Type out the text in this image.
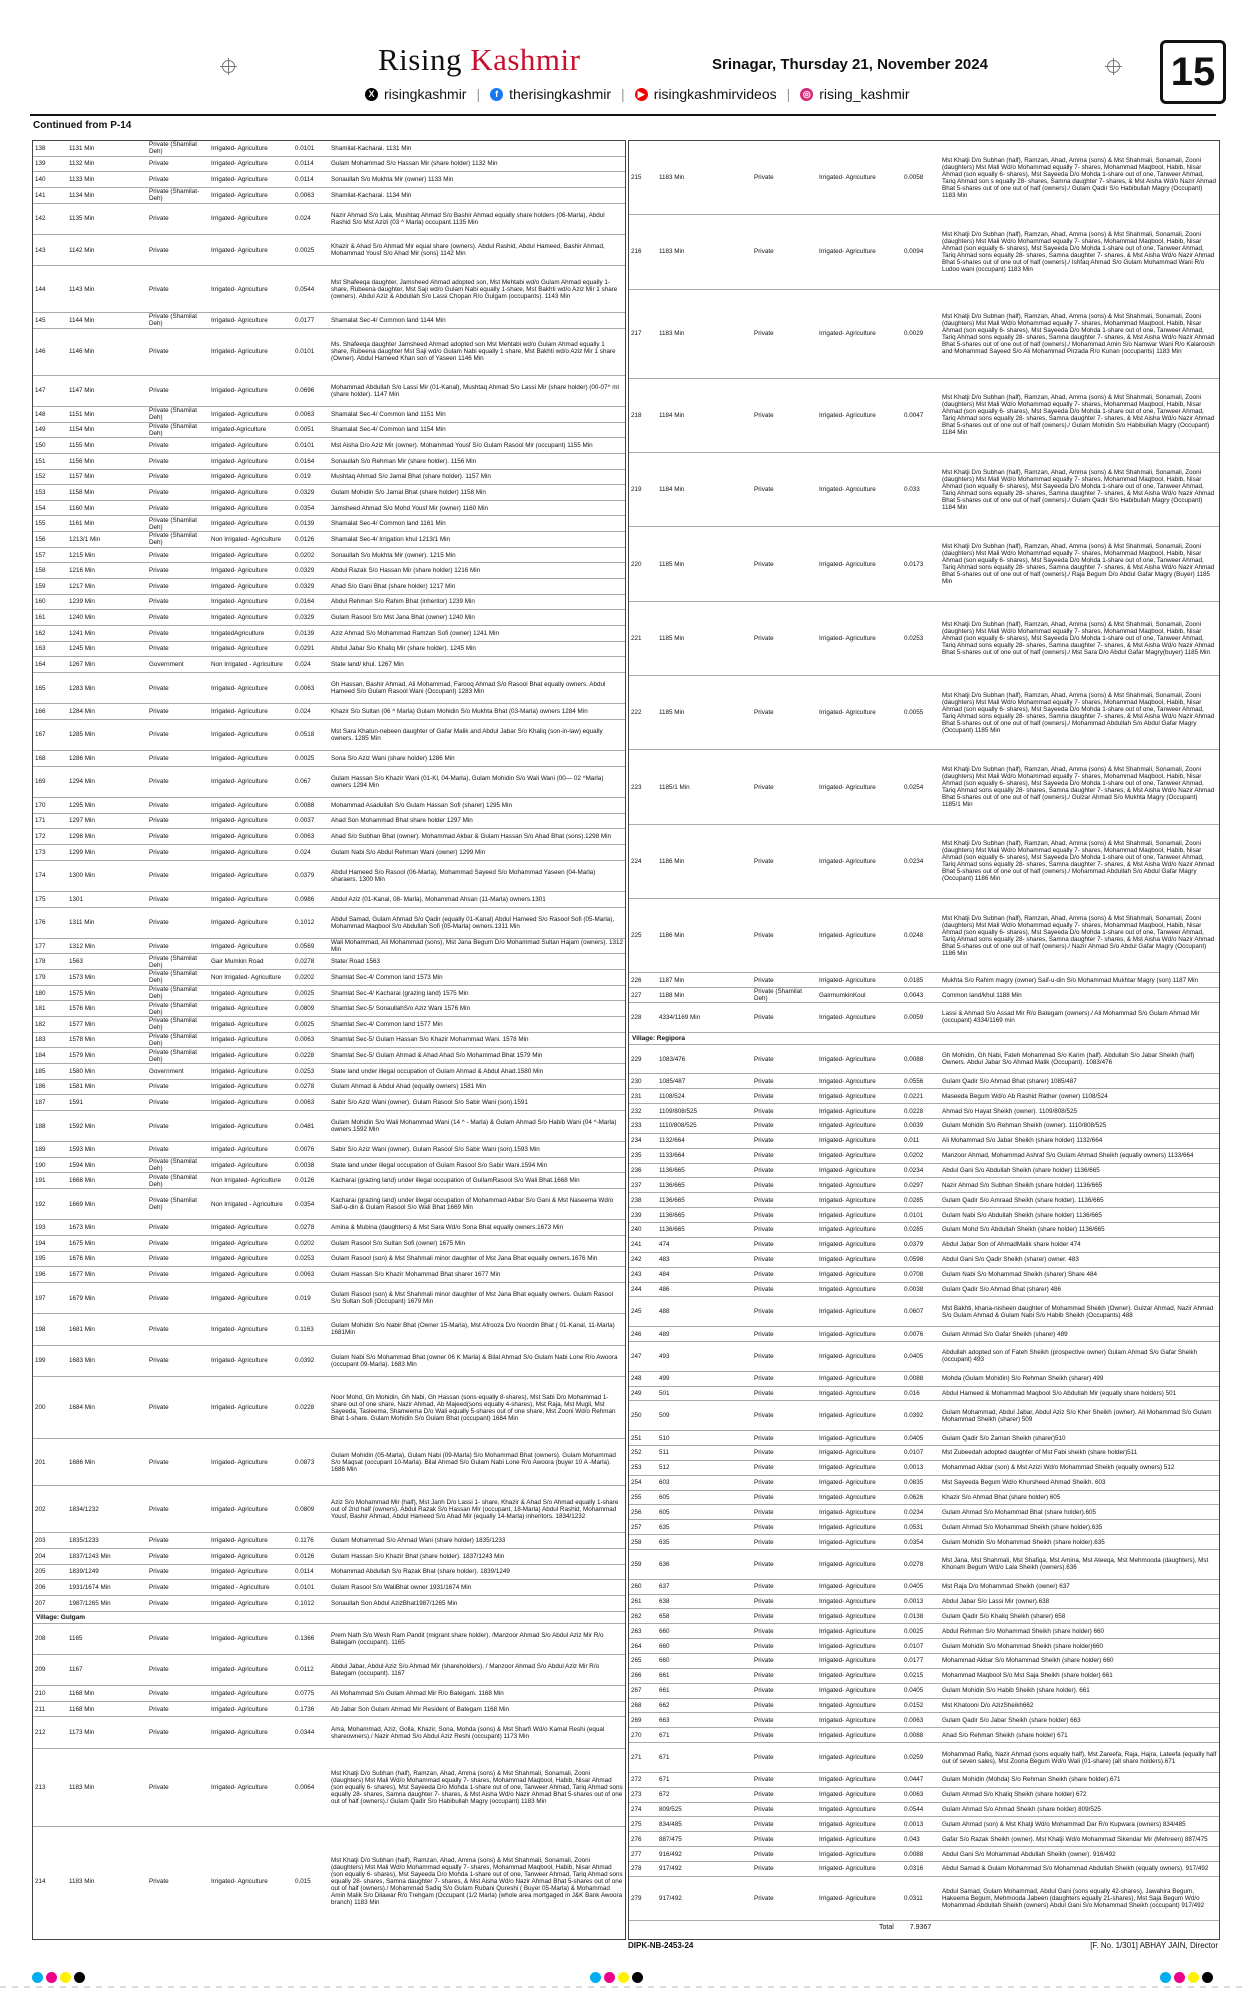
Rising Kashmir	Srinagar, Thursday 21, November 2024	15
X risingkashmir |	f therisingkashmir |	▶ risingkashmirvideos | ◎ rising_kashmir
Continued from P-14
138	1131 Min	Private (Shamilat Deh)	Irrigated- Agriculture	0.0101	Shamilat-Kacharai. 1131 Min
139	1132 Min	Private	Irrigated- Agriculture	0.0114	Gulam Mohammad S/o Hassan Mir (share holder) 1132 Min
140	1133 Min	Private	Irrigated- Agriculture	0.0114	Sonaullah S/o Mukhta Mir (owner) 1133 Min
141	1134 Min	Private (Shamilat-Deh)	Irrigated- Agriculture	0.0063	Shamilat-Kacharai. 1134 Min
142	1135 Min	Private	Irrigated- Agriculture	0.024	Nazir Ahmad S/o Lala, Mushtaq Ahmad S/o Bashir Ahmad equally share holders (06-Marla), Abdul Rashid S/o Mst Azizi (03 ^ Marla) occupant.1135 Min
143	1142 Min	Private	Irrigated- Agriculture	0.0025	Khazir & Ahad S/o Ahmad Mir equal share (owners). Abdul Rashid, Abdul Hameed, Bashir Ahmad, Mohammad Yousf S/o Ahad Mir (sons) 1142 Min
144	1143 Min	Private	Irrigated- Agriculture	0.0544
Mst Shafeeqa daughter, Jamsheed Ahmad adopted son, Mst Mehtabi wd/o Gulam Ahmad equally 1- share, Rubeena daughter, Mst Saji wd/o Gulam Nabi equally 1-share, Mst Bakhti wd/o Aziz Mir 1 share (owners). Abdul Aziz & Abdullah S/o Lassi Chopan R/o Gulgam (occupants). 1143 Min
145	1144 Min	Private (Shamilat Deh)	Irrigated- Agriculture	0.0177	Shamalat Sec-4/ Common land 1144 Min
146	1146 Min	Private	Irrigated- Agriculture	0.0101
Ms. Shafeeqa daughter Jamsheed Ahmad adopted son Mst Mehtabi wd/o Gulam Ahmad equally 1 share, Rubeena daughter Mst Saji wd/o Gulam Nabi equally 1 share, Mst Bakhti wd/o Aziz Mir 1 share (Owner). Abdul Hameed Khan son of Yaseen 1146 Min
147	1147 Min	Private	Irrigated- Agriculture	0.0696	Mohammad Abdullah S/o Lassi Mir (01-Kanal), Mushtaq Ahmad S/o Lassi Mir (share holder) (00-07^ ml (share holder). 1147 Min
148	1151 Min	Private (Shamilat Deh)	Irrigated- Agriculture	0.0063	Shamalat Sec-4/ Common land 1151 Min
149	1154 Min	Private (Shamilat Deh)	Irrigated-Agriculture	0.0051	Shamalat Sec-4/ Common land 1154 Min
150	1155 Min	Private	Irrigated- Agriculture	0.0101	Mst Aisha D/o Aziz Mir (owner). Mohammad Yousf S/o Gulam Rasool Mir (occupant) 1155 Min
151	1156 Min	Private	Irrigated- Agriculture	0.0164	Sonaullah S/o Rehman Mir (share holder). 1156 Min
152	1157 Min	Private	Irrigated- Agriculture	0.019	Mushtaq Ahmad S/o Jamal Bhat (share holder). 1157 Min
153	1158 Min	Private	Irrigated- Agriculture	0.0329	Gulam Mohidin S/o Jamal Bhat (share holder) 1158 Min
154	1160 Min	Private	Irrigated- Agriculture	0.0354	Jamsheed Ahmad S/o Mohd Yousf Mir (owner) 1160 Min
155	1161 Min	Private (Shamilat Deh)	Irrigated- Agriculture	0.0139	Shamalat Sec-4/ Common land 1161 Min
156	1213/1 Min	Private (Shamilat Deh)	Non Irrigated- Agriculture	0.0126	Shamalat Sec-4/ Irrigation khul 1213/1 Min
157	1215 Min	Private	Irrigated- Agriculture	0.0202	Sonaullah S/o Mukhta Mir (owner). 1215 Min
158	1216 Min	Private	Irrigated- Agriculture	0.0329	Abdul Razak S/o Hassan Mir (share holder) 1216 Min
159	1217 Min	Private	Irrigated- Agriculture	0.0329	Ahad S/o Gani Bhat (share holder) 1217 Min
160	1239 Min	Private	Irrigated- Agriculture	0.0164	Abdul Rehman S/o Rahim Bhat (inheritor) 1239 Min
161	1240 Min	Private	Irrigated- Agriculture	0.0329	Gulam Rasool S/o Mst Jana Bhat (owner) 1240 Min
162	1241 Min	Private	IrrigatedAgriculture	0.0139	Aziz Ahmad S/o Mohammad Ramzan Sofi (owner) 1241 Min
163	1245 Min	Private	Irrigated- Agriculture	0.0291	Abdul Jabar S/o Khaliq Mir (share holder). 1245 Min
164	1267 Min	Government	Non Irrigated - Agriculture	0.024	State land/ khul. 1267 Min
165	1283 Min	Private	Irrigated- Agriculture	0.0063	Gh Hassan, Bashir Ahmad, Ali Mohammad, Farooq Ahmad S/o Rasool Bhat equally owners. Abdul Hameed S/o Gulam Rasool Wani (Occupant) 1283 Min
166	1284 Min	Private	Irrigated- Agriculture	0.024	Khazir S/o Sultan (06 ^ Marla) Gulam Mohidin S/o Mukhta Bhat (03-Marla) owners 1284 Min
167	1285 Min	Private	Irrigated- Agriculture	0.0518	Mst Sara Khatun-nebeen daughter of Gafar Malik and Abdul Jabar S/o Khaliq (son-in-law) equally owners. 1285 Min
168	1286 Min	Private	Irrigated- Agriculture	0.0025	Sona S/o Aziz Wani (share holder) 1286 Min
169	1294 Min	Private	Irrigated- Agriculture	0.067	Gulam Hassan S/o Khazir Wani (01-Kl, 04-Marla), Gulam Mohidin S/o Wali Wani (00— 02 ^Marla) owners 1294 Min
170	1295 Min	Private	Irrigated- Agriculture	0.0088	Mohammad Asadullah S/o Gulam Hassan Sofi (sharer) 1295 Min
171	1297 Min	Private	Irrigated- Agriculture	0.0037	Ahad Son Mohammad Bhat share holder 1297 Min
172	1298 Min	Private	Irrigated- Agriculture	0.0063	Ahad S/o Subhan Bhat (owner). Mohammad Akbar & Gulam Hassan S/o Ahad Bhat (sons).1298 Min
173	1299 Min	Private	Irrigated- Agriculture	0.024	Gulam Nabi S/o Abdul Rehman Wani (owner) 1299 Min
174	1300 Min	Private	Irrigated- Agriculture	0.0379	Abdul Hameed S/o Rasool (06-Marla), Mohammad Sayeed S/o Mohammad Yaseen (04-Marla) sharaers. 1300 Min
175	1301	Private	Irrigated- Agriculture	0.0986	Abdul Aziz (01-Kanal, 08- Marla), Mohammad Ahsan (11-Marla) owners.1301
176	1311 Min	Private	Irrigated- Agriculture	0.1012	Abdul Samad, Gulam Ahmad S/o Qadir (equally 01-Kanal) Abdul Hameed S/o Rasool Sofi (05-Marla), Mohammad Maqbool S/o Abdullah Sofi (05-Marla) owners.1311 Min
177	1312 Min	Private	Irrigated- Agriculture	0.0569	Wali Mohammad, Ali Mohammad (sons), Mst Jana Begum D/o Mohammad Sultan Hajam (owners). 1312 Min
178	1563	Private (Shamilat Deh)	Gair Mumkin Road	0.0278	State/ Road 1563
179	1573 Min	Private (Shamilat Deh)	Non Irrigated- Agriculture	0.0202	Shamlat Sec-4/ Common land 1573 Min
180	1575 Min	Private (Shamilat Deh)	Irrigated- Agriculture	0.0025	Shamlat Sec-4/ Kacharai (grazing land) 1575 Min
181	1576 Min	Private (Shamilat Deh)	Irrigated- Agriculture	0.0809	Shamlat Sec-5/ SonaullahS/o Aziz Wani 1576 Min
182	1577 Min	Private (Shamilat Deh)	Irrigated- Agriculture	0.0025	Shamlat Sec-4/ Common land 1577 Min
183	1578 Min	Private (Shamilat Deh)	Irrigated- Agriculture	0.0063	Shamlat Sec-5/ Gulam Hassan S/o Khazir Mohammad Wani. 1578 Min
184	1579 Min	Private (Shamilat Deh)	Irrigated- Agriculture	0.0228	Shamlat Sec-5/ Gulam Ahmad & Ahad Ahad S/o Mohammad Bhat 1579 Min
185	1580 Min	Government	Irrigated- Agriculture	0.0253	State land under illegal occupation of Gulam Ahmad & Abdul Ahad.1580 Min
186	1581 Min	Private	Irrigated- Agriculture	0.0278	Gulam Ahmad & Abdul Ahad (equally owners) 1581 Min
187	1591	Private	Irrigated- Agriculture	0.0063	Sabir S/o Aziz Wani (owner). Gulam Rasool S/o Sabir Wani (son).1591
188	1592 Min	Private	Irrigated- Agriculture	0.0481	Gulam Mohidin S/o Wali Mohammad Wani (14 ^ - Marla) & Gulam Ahmad S/o Habib Wani (04 ^-Marla) owners.1592 Min
189	1593 Min	Private	Irrigated- Agriculture	0.0076	Sabir S/o Aziz Wani (owner). Gulam Rasool S/o Sabir Wani (son).1593 Min
190	1594 Min	Private (Shamilat Deh)	Irrigated- Agriculture	0.0038	State land under illegal occupation of Gulam Rasool S/o Sabir Wani.1594 Min
191	1668 Min	Private (Shamilat Deh)	Non Irrigated- Agriculture	0.0126	Kacharai (grazing land) under illegal occupation of GullamRasool S/o Wali Bhat.1668 Min
192	1669 Min	Private (Shamilat Deh)	Non Irrigated - Agriculture	0.0354	Kacharai (grazing land) under illegal occupation of Mohammad Akbar S/o Gani & Mst Naseema Wd/o Saif-u-din & Gulam Rasool S/o Wali Bhat 1669 Min
193	1673 Min	Private	Irrigated- Agriculture	0.0278	Amina & Mubina (daughters) & Mst Sara Wd/o Sona Bhat equally owners.1673 Min
194	1675 Min	Private	Irrigated- Agriculture	0.0202	Gulam Rasool S/o Sultan Sofi (owner) 1675 Min
195	1676 Min	Private	Irrigated- Agriculture	0.0253	Gulam Rasool (son) & Mst Shahmali minor daughter of Mst Jana Bhat equally owners.1676 Min
196	1677 Min	Private	Irrigated- Agriculture	0.0063	Gulam Hassan S/o Khazir Mohammad Bhat sharer 1677 Min
197	1679 Min	Private	Irrigated- Agriculture	0.019	Gulam Rasool (son) & Mst Shahmali minor daughter of Mst Jana Bhat equally owners. Gulam Rasool S/o Sultan Sofi (Occupant) 1679 Min
198	1681 Min	Private	Irrigated- Agriculture	0.1163	Gulam Mohidin S/o Nabir Bhat (Owner 15-Marla), Mst Afrooza D/o Noordin Bhat ( 01-Kanal, 11-Marla) 1681Min
199	1683 Min	Private	Irrigated- Agriculture	0.0392	Gulam Nabi S/o Mohammad Bhat (owner 06 K Marla) & Bilal Ahmad S/o Gulam Nabi Lone R/o Awoora (occupant 09-Marla). 1683 Min
200	1684 Min	Private	Irrigated- Agriculture	0.0228
Noor Mohd, Gh Mohidin, Gh Nabi, Gh Hassan (sons equally 8-shares), Mst Sabi D/o Mohammad 1-share out of one share, Nazir Ahmad, Ab Majeed(sons equally 4-shares), Mst Raja, Mst Mugli, Mst Sayeeda, Tasleema, Shameema D/o Wali equally 5-shares out of one share, Mst Zooni Wd/o Rehman Bhat 1-share. Gulam Mohidin S/o Gulam Bhat (occupant) 1684 Min
201	1686 Min	Private	Irrigated- Agriculture	0.0873
Gulam Mohidin (05-Marla), Gulam Nabi (09-Marla) S/o Mohammad Bhat (owners). Gulam Mohammad S/o Maqsat (occupant 10-Marla). Bilal Ahmad S/o Gulam Nabi Lone R/o Awoora (buyer 10 A -Marla). 1686 Min
202	1834/1232	Private	Irrigated- Agriculture	0.0809
Aziz S/o Mohammad Mir (half), Mst Janh D/o Lassi 1- share, Khazir & Ahad S/o Ahmad equally 1-share out of 2nd half (owners). Abdul Razak S/o Hassan Mir (occupant, 18-Marla) Abdul Rashid, Mohammad Yousf, Bashir Ahmad, Abdul Hameed S/o Ahad Mir (equally 14-Marla) inheritors. 1834/1232
203	1835/1233	Private	Irrigated- Agriculture	0.1176	Gulam Mohammad S/o Ahmad Wani (share holder) 1835/1233
204	1837/1243 Min	Private	Irrigated- Agriculture	0.0126	Gulam Hassan S/o Khazir Bhat (share holder). 1837/1243 Min
205	1839/1249	Private	Irrigated- Agriculture	0.0114	Mohammad Abdullah S/o Razak Bhat (share holder). 1839/1249
206	1931/1674 Min	Private	Irrigated - Agriculture	0.0101	Gulam Rasool S/o WaliBhat owner 1931/1674 Min
207	1987/1265 Min	Private	Irrigated- Agriculture	0.1012	Sonaullah Son Abdul AzizBhat1987/1265 Min
Village: Gulgam
208	1165	Private	Irrigated- Agriculture	0.1366	Prem Nath S/o Wesh Ram Pandit (migrant share holder). /Manzoor Ahmad S/o Abdul Aziz Mir R/o Bategam (occupant). 1165
209	1167	Private	Irrigated- Agriculture	0.0112	Abdul Jabar, Abdul Aziz S/o Ahmad Mir (shareholders). / Manzoor Ahmad S/o Abdul Aziz Mir R/o Bategam (occupant). 1167
210	1168 Min	Private	Irrigated- Agriculture	0.0775	Ali Mohammad S/o Gulam Ahmad Mir R/o Bategam. 1168 Min
211	1168 Min	Private	Irrigated- Agriculture	0.1736	Ab Jabar Son Gulam Ahmad Mir Resident of Bategam 1168 Min
212	1173 Min	Private	Irrigated- Agriculture	0.0344	Ama, Mohammad, Aziz, Golla, Khazir, Sona, Mohda (sons) & Mst Sharfi Wd/o Kamal Reshi (equal shareowners)./ Nazir Ahmad S/o Abdul Aziz Reshi (occupant) 1173 Min
213	1183 Min	Private	Irrigated- Agriculture	0.0064
Mst Khatji D/o Subhan (half), Ramzan, Ahad, Amma (sons) & Mst Shahmali, Sonamali, Zooni (daughters) Mst Mali Wd/o Mohammad equally 7- shares, Mohammad Maqbool, Habib, Nisar Ahmad (son equally 6- shares), Mst Sayeeda D/o Mohda 1-share out of one, Tanweer Ahmad, Tariq Ahmad sons equally 28- shares, Samna daughter 7- shares, & Mst Aisha Wd/o Nazir Ahmad Bhat 5-shares out of one out of half (owners)./ Gulam Qadir S/o Habibullah Magry (occupant) 1183 Min
214	1183 Min	Private	Irrigated- Agriculture	0.015
Mst Khatji D/o Subhan (half), Ramzan, Ahad, Amma (sons) & Mst Shahmali, Sonamali, Zooni (daughters) Mst Mali Wd/o Mohammad equally 7- shares, Mohammad Maqbool, Habib, Nisar Ahmad (son equally 6- shares), Mst Sayeeda D/o Mohda 1-share out of one, Tanweer Ahmad, Tariq Ahmad sons equally 28- shares, Samna daughter 7- shares, & Mst Aisha Wd/o Nazir Ahmad Bhat 5-shares out of one out of half (owners)./ Mohammad Sadiq S/o Gulam Rubani Qureshi ( Buyer 05-Marla) & Mohammad Amin Malik S/o Dilawar R/o Trehgam (Occupant (1/2 Marla) (whole area mortgaged in J&K Bank Awoora branch) 1183 Min
215	1183 Min	Private	Irrigated- Agriculture	0.0058
Mst Khatji D/o Subhan (half), Ramzan, Ahad, Amma (sons) & Mst Shahmali, Sonamali, Zooni (daughters) Mst Mali Wd/o Mohammad equally 7- shares, Mohammad Maqbool, Habib, Nisar Ahmad (son equally 6- shares), Mst Sayeeda D/o Mohda 1-share out of one, Tanweer Ahmad, Tariq Ahmad son s equally 28- shares, Samna daughter 7- shares, & Mst Aisha Wd/o Nazir Ahmad Bhat 5-shares out of one out of half (owners)./ Gulam Qadir S/o Habibullah Magry (Occupant) 1183 Min
216	1183 Min	Private	Irrigated- Agriculture	0.0094
Mst Khatji D/o Subhan (half), Ramzan, Ahad, Amma (sons) & Mst Shahmali, Sonamali, Zooni (daughters) Mst Mali Wd/o Mohammad equally 7- shares, Mohammad Maqbool, Habib, Nisar Ahmad (son equally 6- shares), Mst Sayeeda D/o Mohda 1-share out of one, Tanweer Ahmad, Tariq Ahmad sons equally 28- shares, Samna daughter 7- shares, & Mst Aisha Wd/o Nazir Ahmad Bhat 5-shares out of one out of half (owners)./ Ishfaq Ahmad S/o Gulam Mohammad Wani R/o Ludoo wani (occupant) 1183 Min
217	1183 Min	Private	Irrigated- Agriculture	0.0029
Mst Khatji D/o Subhan (half), Ramzan, Ahad, Amma (sons) & Mst Shahmali, Sonamali, Zooni (daughters) Mst Mali Wd/o Mohammad equally 7- shares, Mohammad Maqbool, Habib, Nisar Ahmad (son equally 6- shares), Mst Sayeeda D/o Mohda 1-share out of one, Tanweer Ahmad, Tariq Ahmad sons equally 28- shares, Samna daughter 7- shares, & Mst Aisha Wd/o Nazir Ahmad Bhat 5-shares out of one out of half (owners)./ Mohammad Amin S/o Namwar Wani R/o Kalaroosh and Mohammad Sayeed S/o Ali Mohammad Pirzada R/o Kunan (occupants) 1183 Min
218	1184 Min	Private	Irrigated- Agriculture	0.0047
Mst Khatji D/o Subhan (half), Ramzan, Ahad, Amma (sons) & Mst Shahmali, Sonamali, Zooni (daughters) Mst Mali Wd/o Mohammad equally 7- shares, Mohammad Maqbool, Habib, Nisar Ahmad (son equally 6- shares), Mst Sayeeda D/o Mohda 1-share out of one, Tanweer Ahmad, Tariq Ahmad sons equally 28- shares, Samna daughter 7- shares, & Mst Aisha Wd/o Nazir Ahmad Bhat 5-shares out of one out of half (owners)./ Gulam Mohidin S/o Habibullah Magry (Occupant) 1184 Min
219	1184 Min	Private	Irrigated- Agriculture	0.033
Mst Khatji D/o Subhan (half), Ramzan, Ahad, Amma (sons) & Mst Shahmali, Sonamali, Zooni (daughters) Mst Mali Wd/o Mohammad equally 7- shares, Mohammad Maqbool, Habib, Nisar Ahmad (son equally 6- shares), Mst Sayeeda D/o Mohda 1-share out of one, Tanweer Ahmad, Tariq Ahmad sons equally 28- shares, Samna daughter 7- shares, & Mst Aisha Wd/o Nazir Ahmad Bhat 5-shares out of one out of half (owners)./ Gulam Qadir S/o Habibullah Magry (Occupant) 1184 Min
220	1185 Min	Private	Irrigated- Agriculture	0.0173
Mst Khatji D/o Subhan (half), Ramzan, Ahad, Amma (sons) & Mst Shahmali, Sonamali, Zooni (daughters) Mst Mali Wd/o Mohammad equally 7- shares, Mohammad Maqbool, Habib, Nisar Ahmad (son equally 6- shares), Mst Sayeeda D/o Mohda 1-share out of one, Tanweer Ahmad, Tariq Ahmad sons equally 28- shares, Samna daughter 7- shares, & Mst Aisha Wd/o Nazir Ahmad Bhat 5-shares out of one out of half (owners)./ Raja Begum D/o Abdul Gafar Magry (Buyer) 1185 Min
221	1185 Min	Private	Irrigated- Agriculture	0.0253
Mst Khatji D/o Subhan (half), Ramzan, Ahad, Amma (sons) & Mst Shahmali, Sonamali, Zooni (daughters) Mst Mali Wd/o Mohammad equally 7- shares, Mohammad Maqbool, Habib, Nisar Ahmad (son equally 6- shares), Mst Sayeeda D/o Mohda 1-share out of one, Tanweer Ahmad, Tariq Ahmad sons equally 28- shares, Samna daughter 7- shares, & Mst Aisha Wd/o Nazir Ahmad Bhat 5-shares out of one out of half (owners)./ Mst Sara D/o Abdul Gafar Magry(buyer) 1185 Min
222	1185 Min	Private	Irrigated- Agriculture	0.0055
Mst Khatji D/o Subhan (half), Ramzan, Ahad, Amma (sons) & Mst Shahmali, Sonamali, Zooni (daughters) Mst Mali Wd/o Mohammad equally 7- shares, Mohammad Maqbool, Habib, Nisar Ahmad (son equally 6- shares), Mst Sayeeda D/o Mohda 1-share out of one, Tanweer Ahmad, Tariq Ahmad sons equally 28- shares, Samna daughter 7- shares, & Mst Aisha Wd/o Nazir Ahmad Bhat 5-shares out of one out of half (owners)./ Mohammad Abdullah S/o Abdul Gafar Magry (Occupant) 1185 Min
223	1185/1 Min	Private	Irrigated- Agriculture	0.0254
Mst Khatji D/o Subhan (half), Ramzan, Ahad, Amma (sons) & Mst Shahmali, Sonamali, Zooni (daughters) Mst Mali Wd/o Mohammad equally 7- shares, Mohammad Maqbool, Habib, Nisar Ahmad (son equally 6- shares), Mst Sayeeda D/o Mohda 1-share out of one, Tanweer Ahmad, Tariq Ahmad sons equally 28- shares, Samna daughter 7- shares, & Mst Aisha Wd/o Nazir Ahmad Bhat 5-shares out of one out of half (owners)./ Gulzar Ahmad S/o Mukhta Magry (Occupant) 1185/1 Min
224	1186 Min	Private	Irrigated- Agriculture	0.0234
Mst Khatji D/o Subhan (half), Ramzan, Ahad, Amma (sons) & Mst Shahmali, Sonamali, Zooni (daughters) Mst Mali Wd/o Mohammad equally 7- shares, Mohammad Maqbool, Habib, Nisar Ahmad (son equally 6- shares), Mst Sayeeda D/o Mohda 1-share out of one, Tanweer Ahmad, Tariq Ahmad sons equally 28- shares, Samna daughter 7- shares, & Mst Aisha Wd/o Nazir Ahmad Bhat 5-shares out of one out of half (owners)./ Mohammad Abdullah S/o Abdul Gafar Magry (Occupant) 1186 Min
225	1186 Min	Private	Irrigated- Agriculture	0.0248
Mst Khatji D/o Subhan (half), Ramzan, Ahad, Amma (sons) & Mst Shahmali, Sonamali, Zooni (daughters) Mst Mali Wd/o Mohammad equally 7- shares, Mohammad Maqbool, Habib, Nisar Ahmad (son equally 6- shares), Mst Sayeeda D/o Mohda 1-share out of one, Tanweer Ahmad, Tariq Ahmad sons equally 28- shares, Samna daughter 7- shares, & Mst Aisha Wd/o Nazir Ahmad Bhat 5-shares out of one out of half (owners)./ Nazir Ahmad S/o Abdul Gafar Magry (Occupant) 1186 Min
226	1187 Min	Private	Irrigated- Agriculture	0.0185	Mukhta S/o Rahim magry (owner) Saif-u-din S/o Mohammad Mukhtar Magry (son) 1187 Min
227	1188 Min	Private (Shamilat Deh)
GairmumkinKoul	0.0043	Common land/khul 1188 Min
228	4334/1169 Min	Private	Irrigated- Agriculture	0.0059	Lassi & Ahmad S/o Assad Mir R/o Bategam (owners)./ Ali Mohammad S/o Gulam Ahmad Mir (occupant) 4334/1169 min
Village: Regipora
229	1083/476	Private	Irrigated- Agriculture	0.0088	Gh Mohidin, Gh Nabi, Fateh Mohammad S/o Karim (half). Abdullah S/o Jabar Sheikh (half) Owners. Abdul Jabar S/o Ahmad Malik (Occupant). 1083/476
230	1085/487	Private	Irrigated- Agriculture	0.0556	Gulam Qadir S/o Ahmad Bhat (sharer) 1085/487
231	1108/524	Private	Irrigated- Agriculture	0.0221	Maseeda Begum Wd/o Ab Rashid Rather (owner) 1108/524
232	1109/808/525	Private	Irrigated- Agriculture	0.0228	Ahmad S/o Hayat Sheikh (owner). 1109/808/525
233	1110/808/525	Private	Irrigated- Agriculture	0.0039	Gulam Mohidin S/o Rehman Sheikh (owner). 1110/808/525
234	1132/664	Private	Irrigated- Agriculture	0.011	Ali Mohammad S/o Jabar Sheikh (share holder) 1132/664
235	1133/664	Private	Irrigated- Agriculture	0.0202	Manzoor Ahmad, Mohammad Ashraf S/o Gulam Ahmad Sheikh (equally owners) 1133/664
236	1136/665	Private	Irrigated- Agriculture	0.0234	Abdul Gani S/o Abdullah Sheikh (share holder) 1136/665
237	1136/665	Private	Irrigated- Agriculture	0.0297	Nazir Ahmad S/o Subhan Sheikh (share holder) 1136/665
238	1136/665	Private	Irrigated- Agriculture	0.0285	Gulam Qadir S/o Amraad Sheikh (share holder). 1136/665
239	1136/665	Private	Irrigated- Agriculture	0.0101	Gulam Nabi S/o Abdullah Sheikh (share holder) 1136/665
240	1136/665	Private	Irrigated- Agriculture	0.0285	Gulam Mohd S/o Abdullah Sheikh (share holder) 1136/665
241	474	Private	Irrigated- Agriculture	0.0379	Abdul Jabar Son of AhmadMalik share holder 474
242	483	Private	Irrigated- Agriculture	0.0598	Abdul Gani S/o Qadir Sheikh (sharer) owner. 483
243	484	Private	Irrigated- Agriculture	0.0708	Gulam Nabi S/o Mohammad Sheikh (sharer) Share 484
244	486	Private	Irrigated- Agriculture	0.0038	Gulam Qadir S/o Ahmad Bhat (sharer) 486
245	488	Private	Irrigated- Agriculture	0.0607	Mst Bakhti, khana-nisheen daughter of Mohammad Sheikh (Owner). Gulzar Ahmad, Nazir Ahmad S/o Gulam Ahmad & Gulam Nabi S/o Habib Sheikh (Occupants) 488
246	489	Private	Irrigated- Agriculture	0.0076	Gulam Ahmad S/o Gafar Sheikh (sharer) 489
247	493	Private	Irrigated- Agriculture	0.0405	Abdullah adopted son of Fateh Sheikh (prospective owner) Gulam Ahmad S/o Gafar Sheikh (occupant) 493
248	499	Private	Irrigated- Agriculture	0.0088	Mohda (Gulam Mohidin) S/o Rehman Sheikh (sharer) 499
249	501	Private	Irrigated- Agriculture	0.016	Abdul Hameed & Mohammad Maqbool S/o Abdullah Mir (equally share holders) 501
250	509	Private	Irrigated- Agriculture	0.0392	Gulam Mohammad, Abdul Jabar, Abdul Aziz S/o Kher Sheikh (owner). Ali Mohammad S/o Gulam Mohammad Sheikh (sharer) 509
251	510	Private	Irrigated- Agriculture	0.0405	Gulam Qadir S/o Zaman Sheikh (sharer)510
252	511	Private	Irrigated- Agriculture	0.0107	Mst Zubeedah adopted daughter of Mst Fabi sheikh (share holder)511
253	512	Private	Irrigated- Agriculture	0.0013	Mohammad Akbar (son) & Mst Azizi Wd/o Mohammad Sheikh (equally owners) 512
254	603	Private	Irrigated- Agriculture	0.0835	Mst Sayeeda Begum Wd/o Khursheed Ahmad Sheikh. 603
255	605	Private	Irrigated- Agriculture	0.0626	Khazir S/o Ahmad Bhat (share holder) 605
256	605	Private	Irrigated- Agriculture	0.0234	Gulam Ahmad S/o Mohammad Bhat (share holder).605
257	635	Private	Irrigated- Agriculture	0.0531	Gulam Ahmad S/o Mohammad Sheikh (share holder).635
258	635	Private	Irrigated- Agriculture	0.0354	Gulam Mohidin S/o Mohammad Sheikh (share holder).635
259	636	Private	Irrigated- Agriculture	0.0278	Mst Jana, Mst Shahmali, Mst Shafiqa, Mst Amina, Mst Ateeqa, Mst Mehmooda (daughters), Mst Khonam Begum Wd/o Lala Sheikh (owners).636
260	637	Private	Irrigated- Agriculture	0.0405	Mst Raja D/o Mohammad Sheikh (owner) 637
261	638	Private	Irrigated- Agriculture	0.0013	Abdul Jabar S/o Lassi Mir (owner).638
262	658	Private	Irrigated- Agriculture	0.0138	Gulam Qadir S/o Khaliq Sheikh (sharer) 658
263	660	Private	Irrigated- Agriculture	0.0025	Abdul Rehman S/o Mohammad Sheikh (share holder) 660
264	660	Private	Irrigated- Agriculture	0.0107	Gulam Mohidin S/o Mohammad Sheikh (share holder)660
265	660	Private	Irrigated- Agriculture	0.0177	Mohammad Akbar S/o Mohammad Sheikh (share holder) 660
266	661	Private	Irrigated- Agriculture	0.0215	Mohammad Maqbool S/o Mst Saja Sheikh (share holder) 661
267	661	Private	Irrigated- Agriculture	0.0405	Gulam Mohidin S/o Habib Sheikh (share holder). 661
268	662	Private	Irrigated- Agriculture	0.0152	Mst Khatooni D/o AzizSheikh662
269	663	Private	Irrigated- Agriculture	0.0063	Gulam Qadir S/o Jabar Sheikh (share holder) 663
270	671	Private	Irrigated- Agriculture	0.0088	Ahad S/o Rehman Sheikh (share holder) 671
271	671	Private	Irrigated- Agriculture	0.0259	Mohammad Rafiq, Nazir Ahmad (sons equally half), Mst Zareefa, Raja, Hajra, Lateefa (equally half out of seven sales), Mst Zoona Begum Wd/o Wali (01-share) (all share holders).671
272	671	Private	Irrigated- Agriculture	0.0447	Gulam Mohidin (Mohda) S/o Rehman Sheikh (share holder).671
273	672	Private	Irrigated- Agriculture	0.0063	Gulam Ahmad S/o Khaliq Sheikh (share holder) 672
274	809/525	Private	Irrigated- Agriculture	0.0544	Gulam Ahmad S/o Ahmad Sheikh (share holder) 809/525
275	834/485	Private	Irrigated- Agriculture	0.0013	Gulam Ahmad (son) & Mst Khatji Wd/o Mohammad Dar R/o Kupwara (owners) 834/485
276	887/475	Private	Irrigated- Agriculture	0.043	Gafar S/o Razak Sheikh (owner). Mst Khatji Wd/o Mohammad Sikendar Mir (Mehreen) 887/475
277	916/492	Private	Irrigated- Agriculture	0.0088	Abdul Gani S/o Mohammad Abdullah Sheikh (owner). 916/492
278	917/492	Private	Irrigated- Agriculture	0.0316	Abdul Samad & Gulam Mohammad S/o Mohammad Abdullah Sheikh (equally owners). 917/492
279	917/492	Private	Irrigated- Agriculture	0.0311
Abdul Samad, Gulam Mohammad, Abdul Gani (sons equally 42-shares), Jawahira Begum, Hakeema Begum, Mehmooda Jabeen (daughters equally 21-shares), Mst Saja Begum Wd/o Mohammad Abdullah Sheikh (owners) Abdul Gani S/o Mohammad Sheikh (occupant) 917/492
Total 7.9367
DIPK-NB-2453-24	[F. No. 1/301] ABHAY JAIN, Director
